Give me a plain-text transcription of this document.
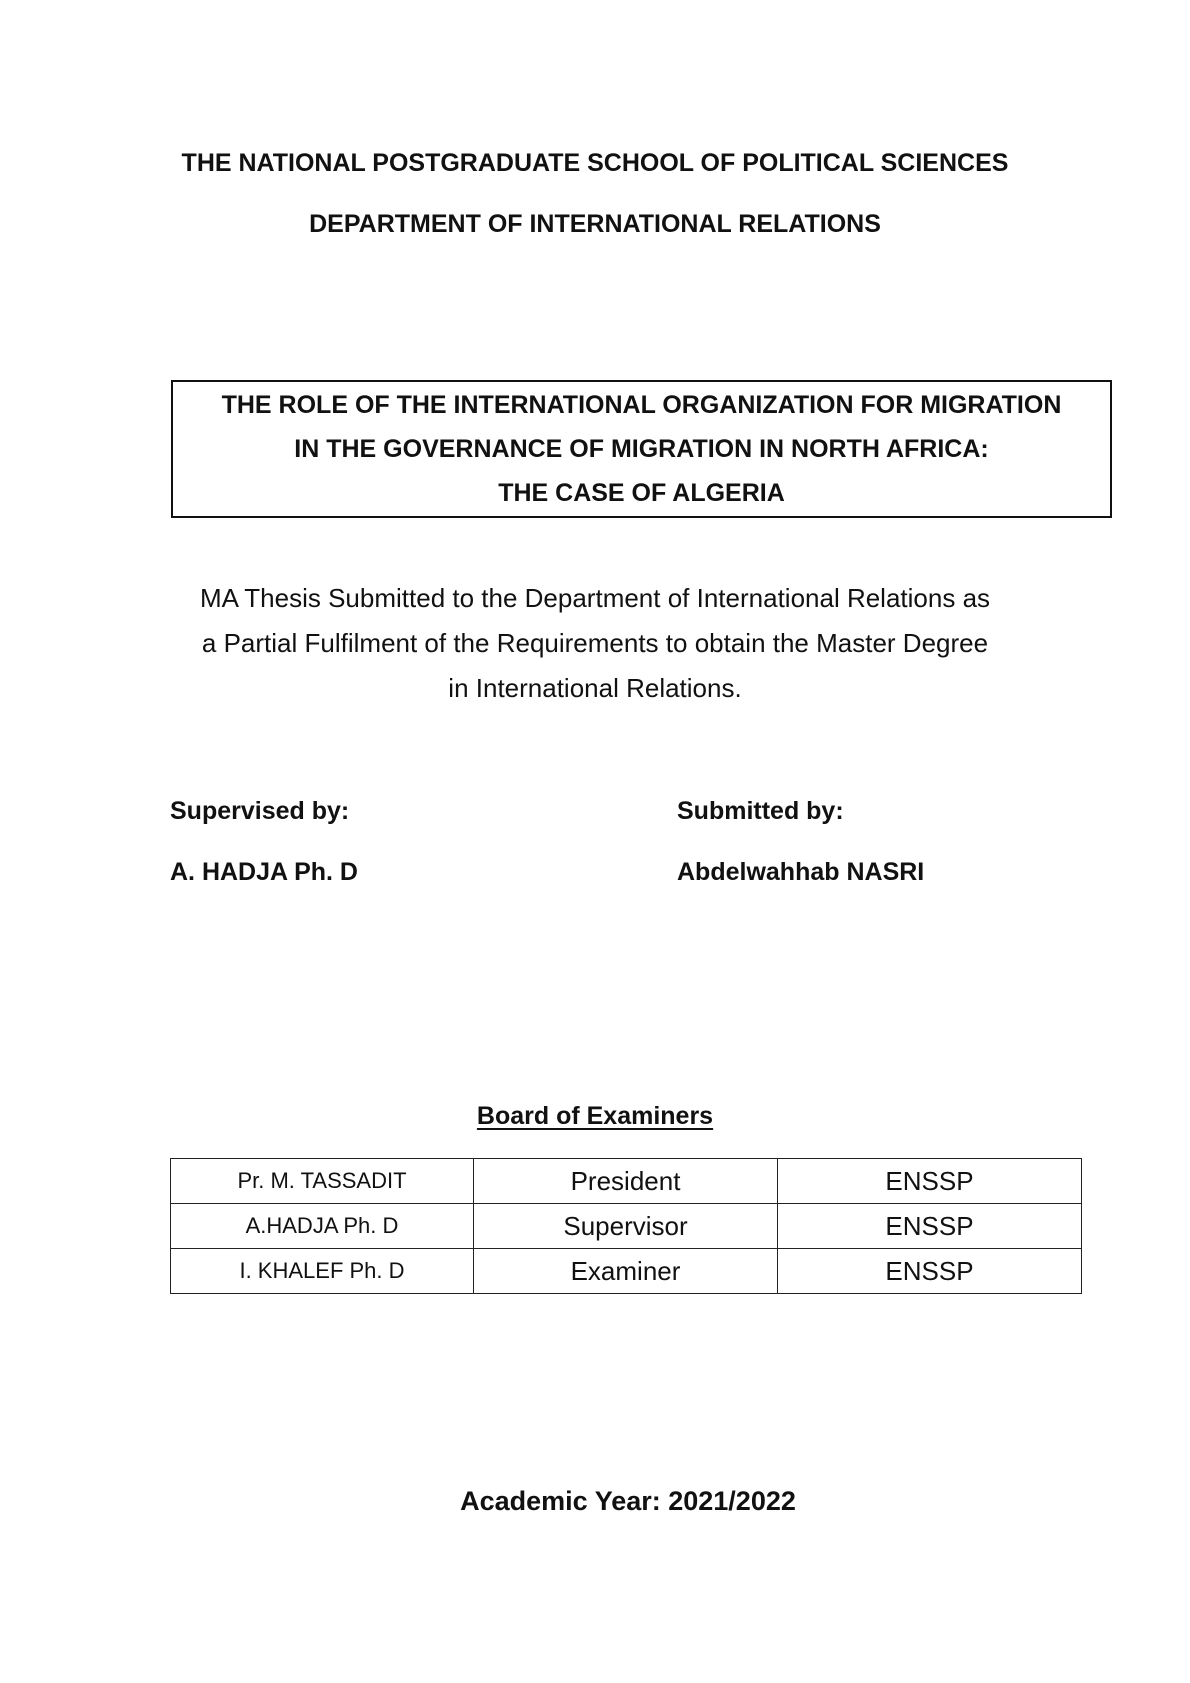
THE NATIONAL POSTGRADUATE SCHOOL OF POLITICAL SCIENCES
DEPARTMENT OF INTERNATIONAL RELATIONS
THE ROLE OF THE INTERNATIONAL ORGANIZATION FOR MIGRATION
IN THE GOVERNANCE OF MIGRATION IN NORTH AFRICA:
THE CASE OF ALGERIA
MA Thesis Submitted to the Department of International Relations as
a Partial Fulfilment of the Requirements to obtain the Master Degree
in International Relations.
Supervised by:
A. HADJA Ph. D
Submitted by:
Abdelwahhab NASRI
Board of Examiners
Pr. M. TASSADIT	President	ENSSP
A.HADJA Ph. D	Supervisor	ENSSP
I. KHALEF Ph. D	Examiner	ENSSP
Academic Year: 2021/2022
